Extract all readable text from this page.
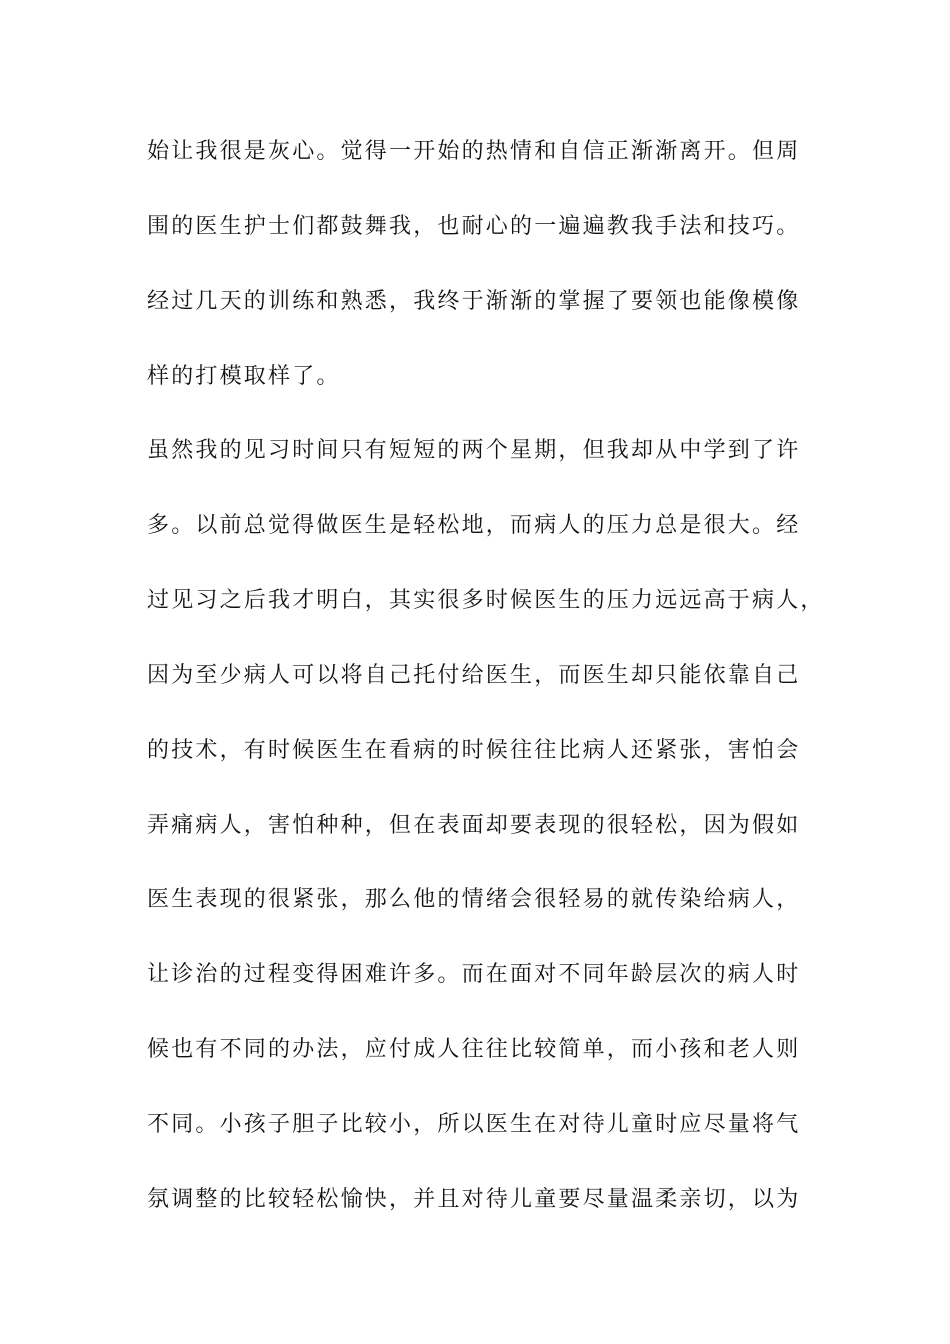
始让我很是灰心。觉得一开始的热情和自信正渐渐离开。但周
围的医生护士们都鼓舞我，也耐心的一遍遍教我手法和技巧。
经过几天的训练和熟悉，我终于渐渐的掌握了要领也能像模像
样的打模取样了。
虽然我的见习时间只有短短的两个星期，但我却从中学到了许
多。以前总觉得做医生是轻松地，而病人的压力总是很大。经
过见习之后我才明白，其实很多时候医生的压力远远高于病人，
因为至少病人可以将自己托付给医生，而医生却只能依靠自己
的技术，有时候医生在看病的时候往往比病人还紧张，害怕会
弄痛病人，害怕种种，但在表面却要表现的很轻松，因为假如
医生表现的很紧张，那么他的情绪会很轻易的就传染给病人，
让诊治的过程变得困难许多。而在面对不同年龄层次的病人时
候也有不同的办法，应付成人往往比较简单，而小孩和老人则
不同。小孩子胆子比较小，所以医生在对待儿童时应尽量将气
氛调整的比较轻松愉快，并且对待儿童要尽量温柔亲切，以为
